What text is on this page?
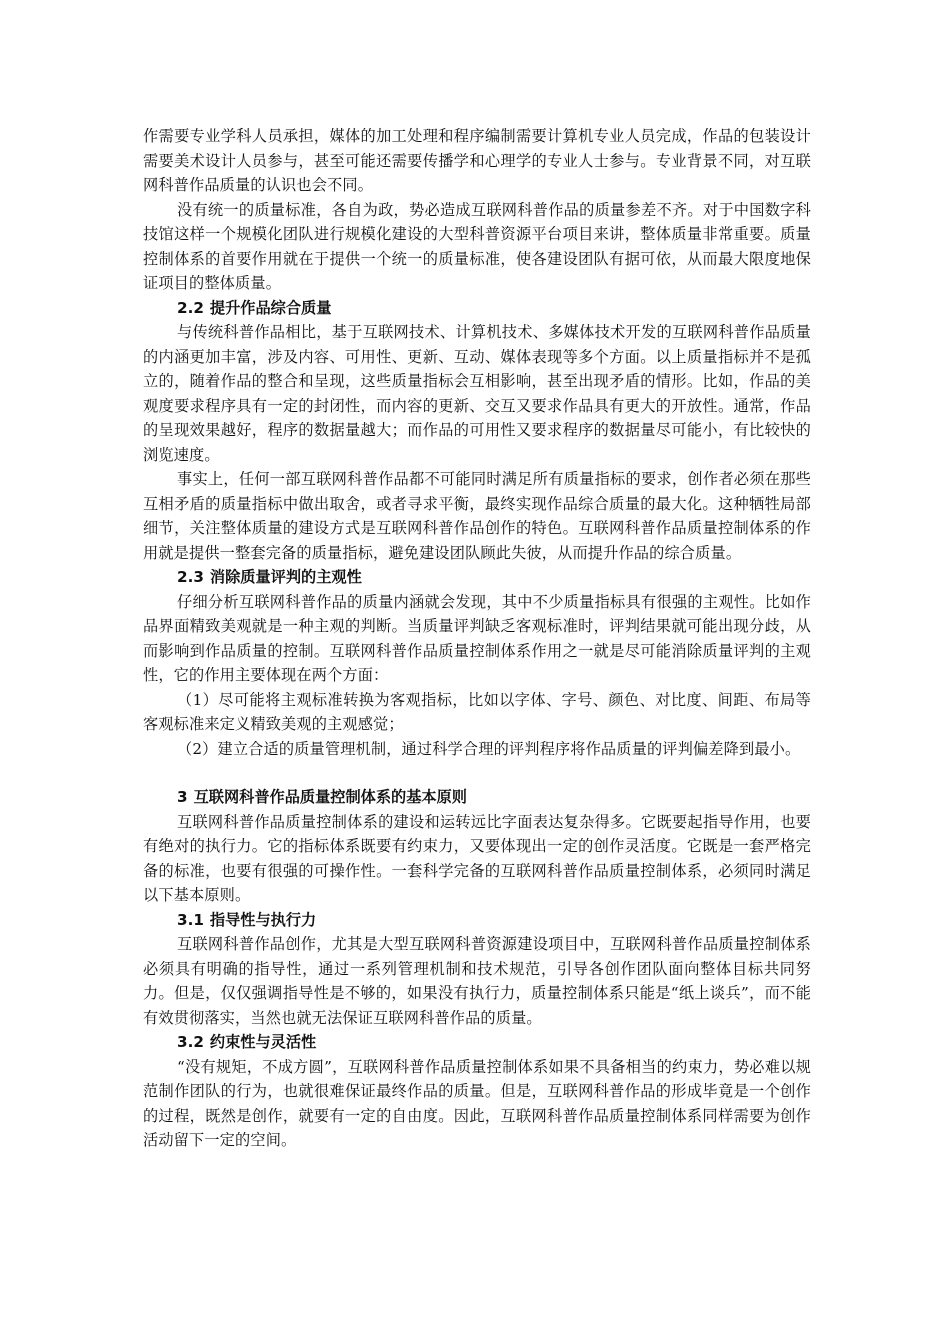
作需要专业学科人员承担，媒体的加工处理和程序编制需要计算机专业人员完成，作品的包装设计需要美术设计人员参与，甚至可能还需要传播学和心理学的专业人士参与。专业背景不同，对互联网科普作品质量的认识也会不同。

没有统一的质量标准，各自为政，势必造成互联网科普作品的质量参差不齐。对于中国数字科技馆这样一个规模化团队进行规模化建设的大型科普资源平台项目来讲，整体质量非常重要。质量控制体系的首要作用就在于提供一个统一的质量标准，使各建设团队有据可依，从而最大限度地保证项目的整体质量。

2.2 提升作品综合质量

与传统科普作品相比，基于互联网技术、计算机技术、多媒体技术开发的互联网科普作品质量的内涵更加丰富，涉及内容、可用性、更新、互动、媒体表现等多个方面。以上质量指标并不是孤立的，随着作品的整合和呈现，这些质量指标会互相影响，甚至出现矛盾的情形。比如，作品的美观度要求程序具有一定的封闭性，而内容的更新、交互又要求作品具有更大的开放性。通常，作品的呈现效果越好，程序的数据量越大；而作品的可用性又要求程序的数据量尽可能小，有比较快的浏览速度。

事实上，任何一部互联网科普作品都不可能同时满足所有质量指标的要求，创作者必须在那些互相矛盾的质量指标中做出取舍，或者寻求平衡，最终实现作品综合质量的最大化。这种牺牲局部细节，关注整体质量的建设方式是互联网科普作品创作的特色。互联网科普作品质量控制体系的作用就是提供一整套完备的质量指标，避免建设团队顾此失彼，从而提升作品的综合质量。

2.3 消除质量评判的主观性

仔细分析互联网科普作品的质量内涵就会发现，其中不少质量指标具有很强的主观性。比如作品界面精致美观就是一种主观的判断。当质量评判缺乏客观标准时，评判结果就可能出现分歧，从而影响到作品质量的控制。互联网科普作品质量控制体系作用之一就是尽可能消除质量评判的主观性，它的作用主要体现在两个方面：

（1）尽可能将主观标准转换为客观指标，比如以字体、字号、颜色、对比度、间距、布局等客观标准来定义精致美观的主观感觉；

（2）建立合适的质量管理机制，通过科学合理的评判程序将作品质量的评判偏差降到最小。

3 互联网科普作品质量控制体系的基本原则

互联网科普作品质量控制体系的建设和运转远比字面表达复杂得多。它既要起指导作用，也要有绝对的执行力。它的指标体系既要有约束力，又要体现出一定的创作灵活度。它既是一套严格完备的标准，也要有很强的可操作性。一套科学完备的互联网科普作品质量控制体系，必须同时满足以下基本原则。

3.1 指导性与执行力

互联网科普作品创作，尤其是大型互联网科普资源建设项目中，互联网科普作品质量控制体系必须具有明确的指导性，通过一系列管理机制和技术规范，引导各创作团队面向整体目标共同努力。但是，仅仅强调指导性是不够的，如果没有执行力，质量控制体系只能是“纸上谈兵”，而不能有效贯彻落实，当然也就无法保证互联网科普作品的质量。

3.2 约束性与灵活性

“没有规矩，不成方圆”，互联网科普作品质量控制体系如果不具备相当的约束力，势必难以规范制作团队的行为，也就很难保证最终作品的质量。但是，互联网科普作品的形成毕竟是一个创作的过程，既然是创作，就要有一定的自由度。因此，互联网科普作品质量控制体系同样需要为创作活动留下一定的空间。
